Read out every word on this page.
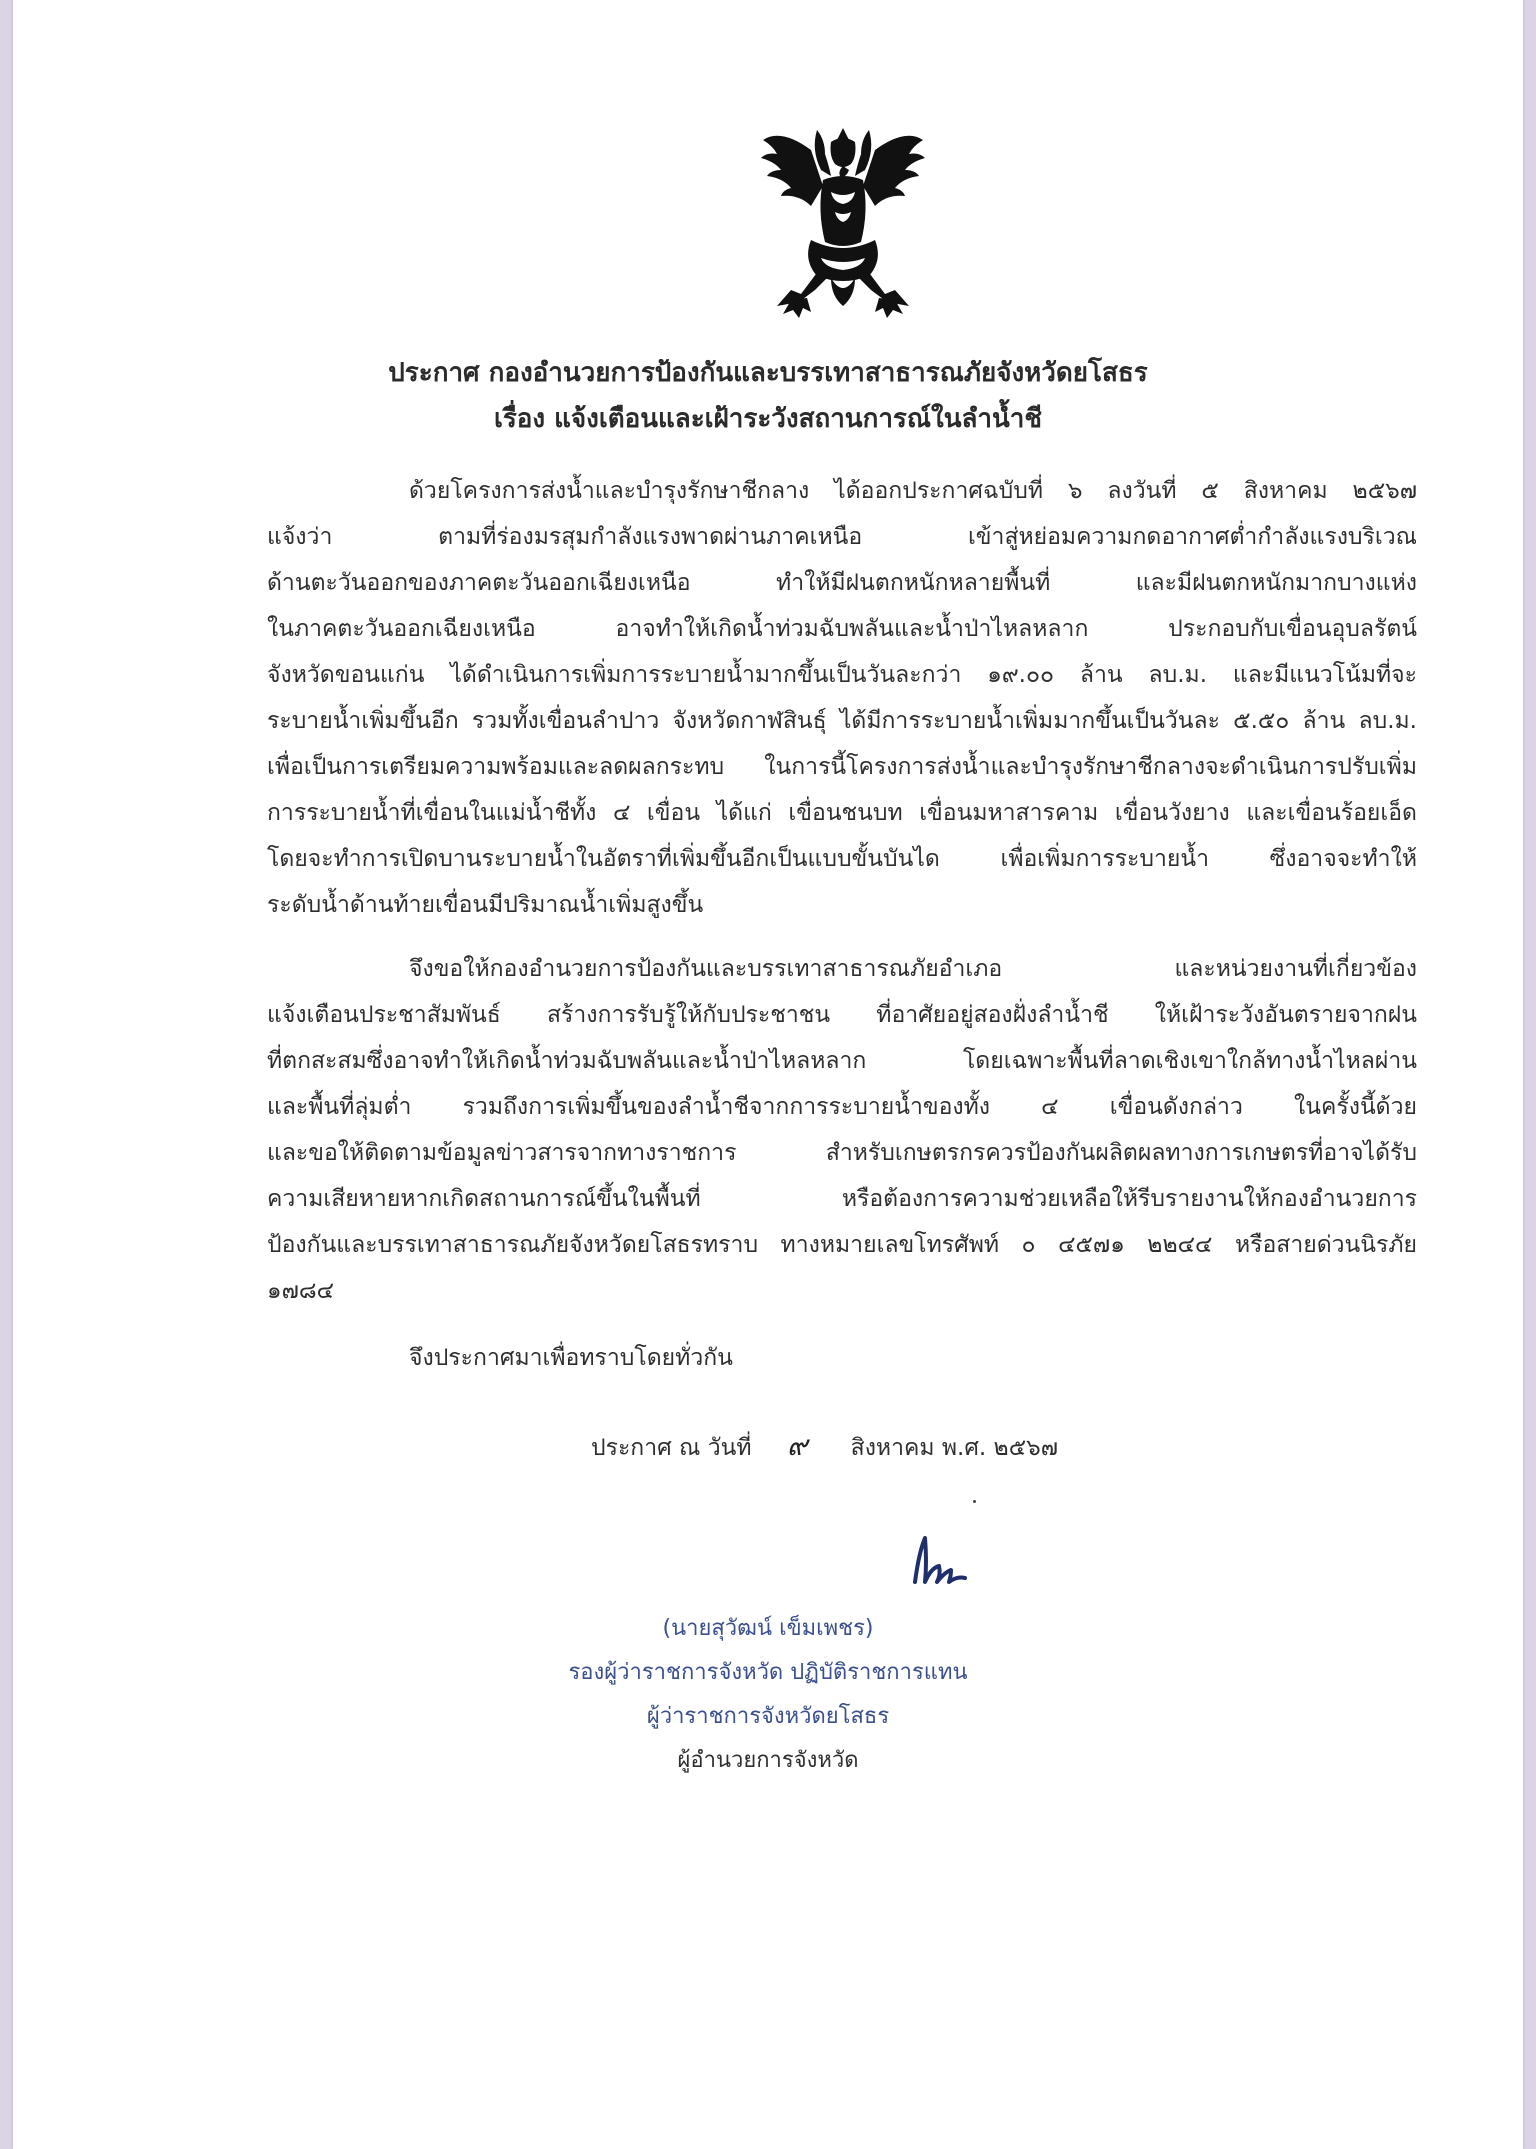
ประกาศ กองอำนวยการป้องกันและบรรเทาสาธารณภัยจังหวัดยโสธร
เรื่อง แจ้งเตือนและเฝ้าระวังสถานการณ์ในลำน้ำชี
ด้วยโครงการส่งน้ำและบำรุงรักษาชีกลาง ได้ออกประกาศฉบับที่ ๖ ลงวันที่ ๕ สิงหาคม ๒๕๖๗
แจ้งว่า ตามที่ร่องมรสุมกำลังแรงพาดผ่านภาคเหนือ เข้าสู่หย่อมความกดอากาศต่ำกำลังแรงบริเวณ
ด้านตะวันออกของภาคตะวันออกเฉียงเหนือ ทำให้มีฝนตกหนักหลายพื้นที่ และมีฝนตกหนักมากบางแห่ง
ในภาคตะวันออกเฉียงเหนือ อาจทำให้เกิดน้ำท่วมฉับพลันและน้ำป่าไหลหลาก ประกอบกับเขื่อนอุบลรัตน์
จังหวัดขอนแก่น ได้ดำเนินการเพิ่มการระบายน้ำมากขึ้นเป็นวันละกว่า ๑๙.๐๐ ล้าน ลบ.ม. และมีแนวโน้มที่จะ
ระบายน้ำเพิ่มขึ้นอีก รวมทั้งเขื่อนลำปาว จังหวัดกาฬสินธุ์ ได้มีการระบายน้ำเพิ่มมากขึ้นเป็นวันละ ๕.๕๐ ล้าน ลบ.ม.
เพื่อเป็นการเตรียมความพร้อมและลดผลกระทบ ในการนี้โครงการส่งน้ำและบำรุงรักษาชีกลางจะดำเนินการปรับเพิ่ม
การระบายน้ำที่เขื่อนในแม่น้ำชีทั้ง ๔ เขื่อน ได้แก่ เขื่อนชนบท เขื่อนมหาสารคาม เขื่อนวังยาง และเขื่อนร้อยเอ็ด
โดยจะทำการเปิดบานระบายน้ำในอัตราที่เพิ่มขึ้นอีกเป็นแบบขั้นบันได เพื่อเพิ่มการระบายน้ำ ซึ่งอาจจะทำให้
ระดับน้ำด้านท้ายเขื่อนมีปริมาณน้ำเพิ่มสูงขึ้น
จึงขอให้กองอำนวยการป้องกันและบรรเทาสาธารณภัยอำเภอ และหน่วยงานที่เกี่ยวข้อง
แจ้งเตือนประชาสัมพันธ์ สร้างการรับรู้ให้กับประชาชน ที่อาศัยอยู่สองฝั่งลำน้ำชี ให้เฝ้าระวังอันตรายจากฝน
ที่ตกสะสมซึ่งอาจทำให้เกิดน้ำท่วมฉับพลันและน้ำป่าไหลหลาก โดยเฉพาะพื้นที่ลาดเชิงเขาใกล้ทางน้ำไหลผ่าน
และพื้นที่ลุ่มต่ำ รวมถึงการเพิ่มขึ้นของลำน้ำชีจากการระบายน้ำของทั้ง ๔ เขื่อนดังกล่าว ในครั้งนี้ด้วย
และขอให้ติดตามข้อมูลข่าวสารจากทางราชการ สำหรับเกษตรกรควรป้องกันผลิตผลทางการเกษตรที่อาจได้รับ
ความเสียหายหากเกิดสถานการณ์ขึ้นในพื้นที่ หรือต้องการความช่วยเหลือให้รีบรายงานให้กองอำนวยการ
ป้องกันและบรรเทาสาธารณภัยจังหวัดยโสธรทราบ ทางหมายเลขโทรศัพท์ ๐ ๔๕๗๑ ๒๒๔๔ หรือสายด่วนนิรภัย
๑๗๘๔
จึงประกาศมาเพื่อทราบโดยทั่วกัน
ประกาศ ณ วันที่ ๙ สิงหาคม พ.ศ. ๒๕๖๗
(นายสุวัฒน์ เข็มเพชร)
รองผู้ว่าราชการจังหวัด ปฏิบัติราชการแทน
ผู้ว่าราชการจังหวัดยโสธร
ผู้อำนวยการจังหวัด
